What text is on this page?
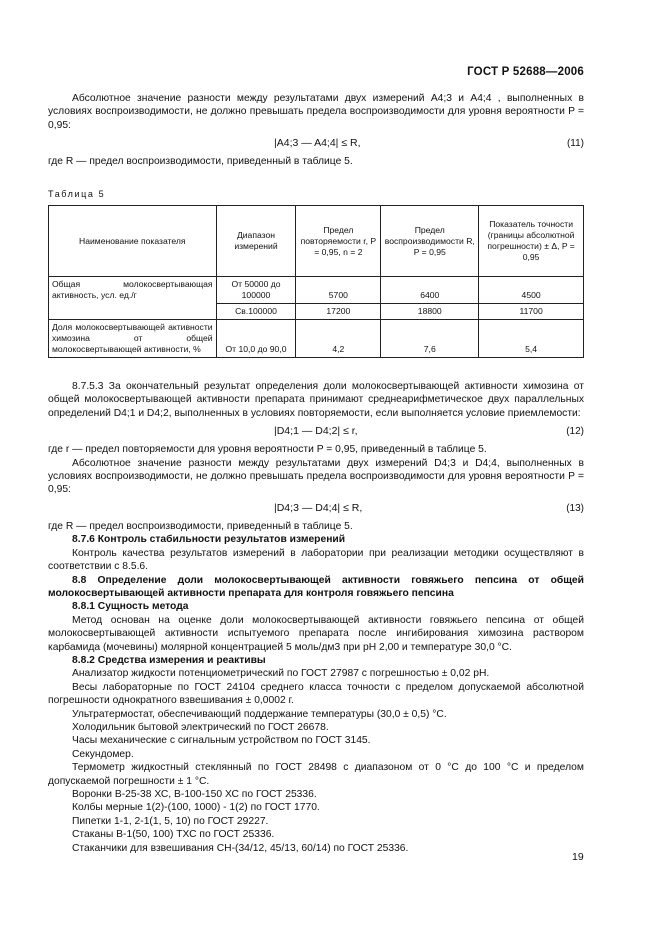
ГОСТ Р 52688—2006

Абсолютное значение разности между результатами двух измерений A4;3 и A4;4 , выполненных в условиях воспроизводимости, не должно превышать предела воспроизводимости для уровня вероятности P = 0,95:

|A4;3 — A4;4| ≤ R,	(11)

где R — предел воспроизводимости, приведенный в таблице 5.

Таблица 5
Наименование показателя	Диапазон измерений	Предел повторяемости r, P = 0,95, n = 2	Предел воспроизводимости R, P = 0,95	Показатель точности (границы абсолютной погрешности) ± Δ, P = 0,95
Общая молокосвертывающая активность, усл. ед./г	От 50000 до 100000	5700	6400	4500
	Св.100000	17200	18800	11700
Доля молокосвертывающей активности химозина от общей молокосвертывающей активности, %	От 10,0 до 90,0	4,2	7,6	5,4

8.7.5.3 За окончательный результат определения доли молокосвертывающей активности химозина от общей молокосвертывающей активности препарата принимают среднеарифметическое двух параллельных определений D4;1 и D4;2, выполненных в условиях повторяемости, если выполняется условие приемлемости:

|D4;1 — D4;2| ≤ r,	(12)

где r — предел повторяемости для уровня вероятности P = 0,95, приведенный в таблице 5.

Абсолютное значение разности между результатами двух измерений D4;3 и D4;4, выполненных в условиях воспроизводимости, не должно превышать предела воспроизводимости для уровня вероятности P = 0,95:

|D4;3 — D4;4| ≤ R,	(13)

где R — предел воспроизводимости, приведенный в таблице 5.

8.7.6 Контроль стабильности результатов измерений

Контроль качества результатов измерений в лаборатории при реализации методики осуществляют в соответствии с 8.5.6.

8.8 Определение доли молокосвертывающей активности говяжьего пепсина от общей молокосвертывающей активности препарата для контроля говяжьего пепсина

8.8.1 Сущность метода

Метод основан на оценке доли молокосвертывающей активности говяжьего пепсина от общей молокосвертывающей активности испытуемого препарата после ингибирования химозина раствором карбамида (мочевины) молярной концентрацией 5 моль/дм3 при pH 2,00 и температуре 30,0 °С.

8.8.2 Средства измерения и реактивы

Анализатор жидкости потенциометрический по ГОСТ 27987 с погрешностью ± 0,02 pH.

Весы лабораторные по ГОСТ 24104 среднего класса точности с пределом допускаемой абсолютной погрешности однократного взвешивания ± 0,0002 г.

Ультратермостат, обеспечивающий поддержание температуры (30,0 ± 0,5) °С.

Холодильник бытовой электрический по ГОСТ 26678.

Часы механические с сигнальным устройством по ГОСТ 3145.

Секундомер.

Термометр жидкостный стеклянный по ГОСТ 28498 с диапазоном от 0 °С до 100 °С и пределом допускаемой погрешности ± 1 °С.

Воронки В-25-38 ХС, В-100-150 ХС по ГОСТ 25336.

Колбы мерные 1(2)-(100, 1000) - 1(2) по ГОСТ 1770.

Пипетки 1-1, 2-1(1, 5, 10) по ГОСТ 29227.

Стаканы В-1(50, 100) ТХС по ГОСТ 25336.

Стаканчики для взвешивания СН-(34/12, 45/13, 60/14) по ГОСТ 25336.

19
